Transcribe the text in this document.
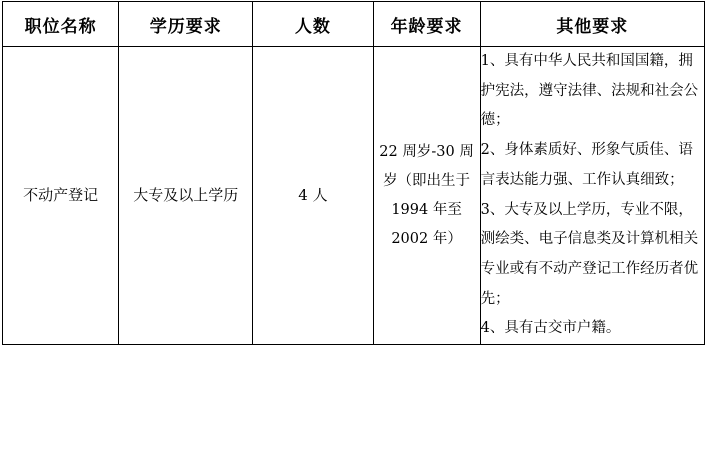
职位名称	学历要求	人数	年龄要求	其他要求
不动产登记	大专及以上学历	4 人	22 周岁-30 周岁（即出生于 1994 年至 2002 年）	1、具有中华人民共和国国籍，拥护宪法，遵守法律、法规和社会公德；
2、身体素质好、形象气质佳、语言表达能力强、工作认真细致；
3、大专及以上学历，专业不限，测绘类、电子信息类及计算机相关专业或有不动产登记工作经历者优先；
4、具有古交市户籍。
